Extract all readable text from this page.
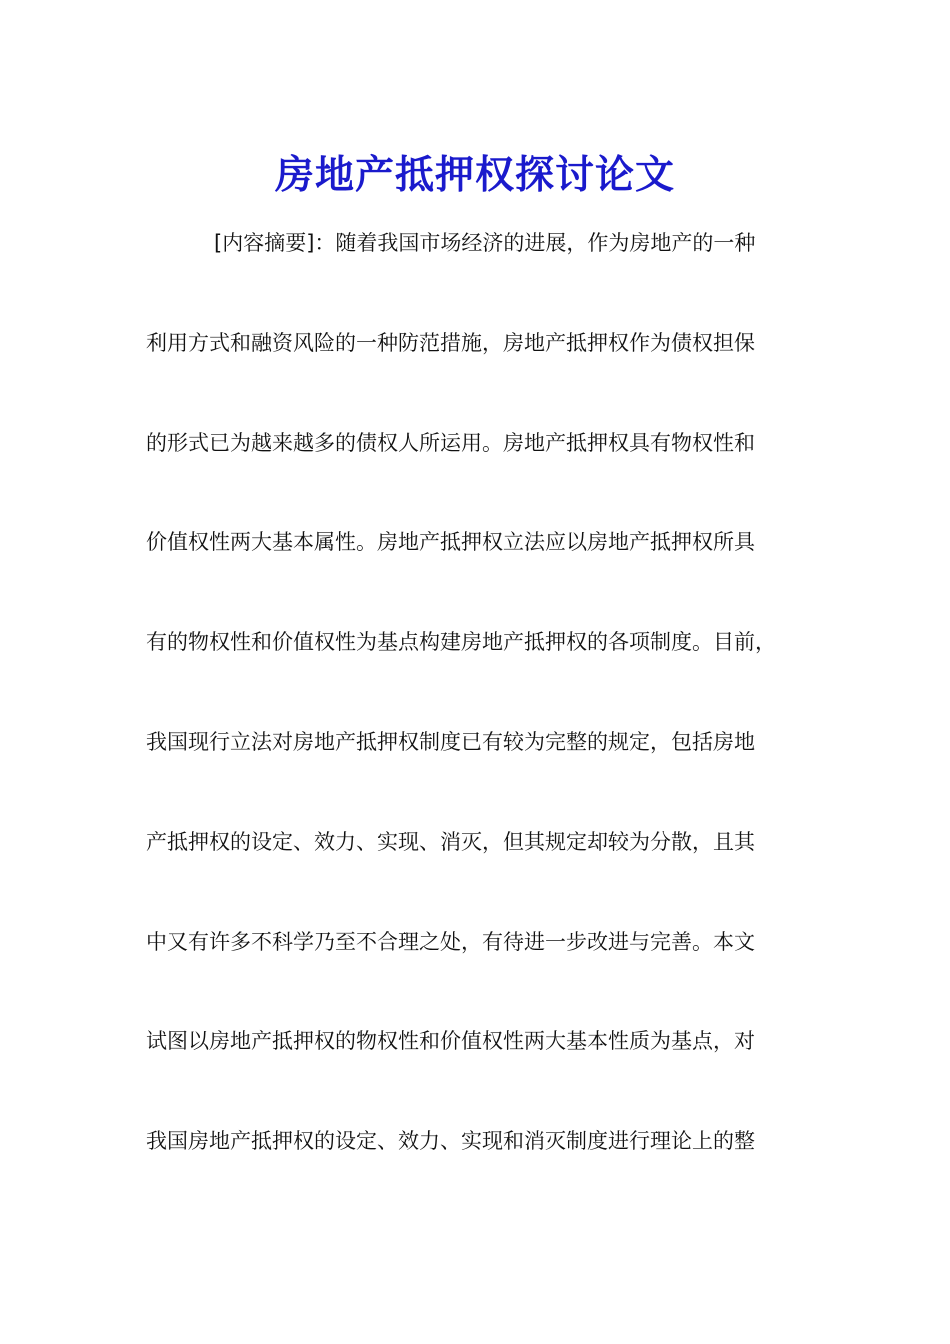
房地产抵押权探讨论文
[内容摘要]：随着我国市场经济的进展，作为房地产的一种
利用方式和融资风险的一种防范措施，房地产抵押权作为债权担保
的形式已为越来越多的债权人所运用。房地产抵押权具有物权性和
价值权性两大基本属性。房地产抵押权立法应以房地产抵押权所具
有的物权性和价值权性为基点构建房地产抵押权的各项制度。目前，
我国现行立法对房地产抵押权制度已有较为完整的规定，包括房地
产抵押权的设定、效力、实现、消灭，但其规定却较为分散，且其
中又有许多不科学乃至不合理之处，有待进一步改进与完善。本文
试图以房地产抵押权的物权性和价值权性两大基本性质为基点，对
我国房地产抵押权的设定、效力、实现和消灭制度进行理论上的整
